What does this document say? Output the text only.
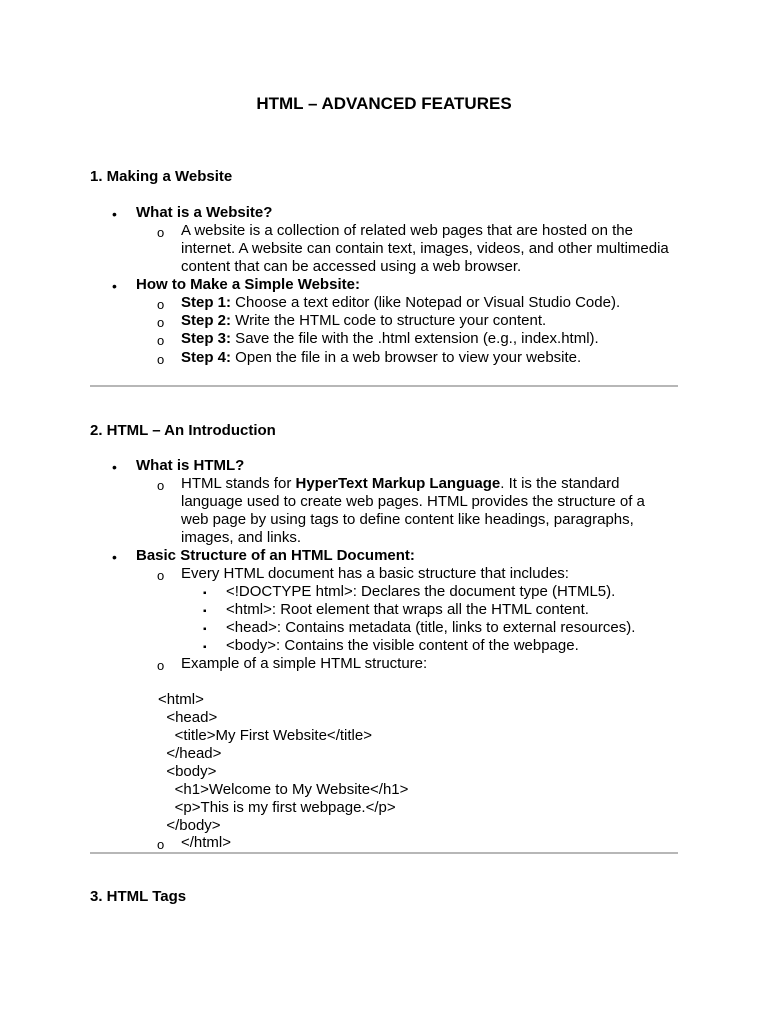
HTML – ADVANCED FEATURES
1. Making a Website
• What is a Website?
o A website is a collection of related web pages that are hosted on the
internet. A website can contain text, images, videos, and other multimedia
content that can be accessed using a web browser.
• How to Make a Simple Website:
o Step 1: Choose a text editor (like Notepad or Visual Studio Code).
o Step 2: Write the HTML code to structure your content.
o Step 3: Save the file with the .html extension (e.g., index.html).
o Step 4: Open the file in a web browser to view your website.
2. HTML – An Introduction
• What is HTML?
o HTML stands for HyperText Markup Language. It is the standard
language used to create web pages. HTML provides the structure of a
web page by using tags to define content like headings, paragraphs,
images, and links.
• Basic Structure of an HTML Document:
o Every HTML document has a basic structure that includes:
▪ <!DOCTYPE html>: Declares the document type (HTML5).
▪ <html>: Root element that wraps all the HTML content.
▪ <head>: Contains metadata (title, links to external resources).
▪ <body>: Contains the visible content of the webpage.
o Example of a simple HTML structure:
<html>
<head>
<title>My First Website</title>
</head>
<body>
<h1>Welcome to My Website</h1>
<p>This is my first webpage.</p>
</body>
o </html>
3. HTML Tags
